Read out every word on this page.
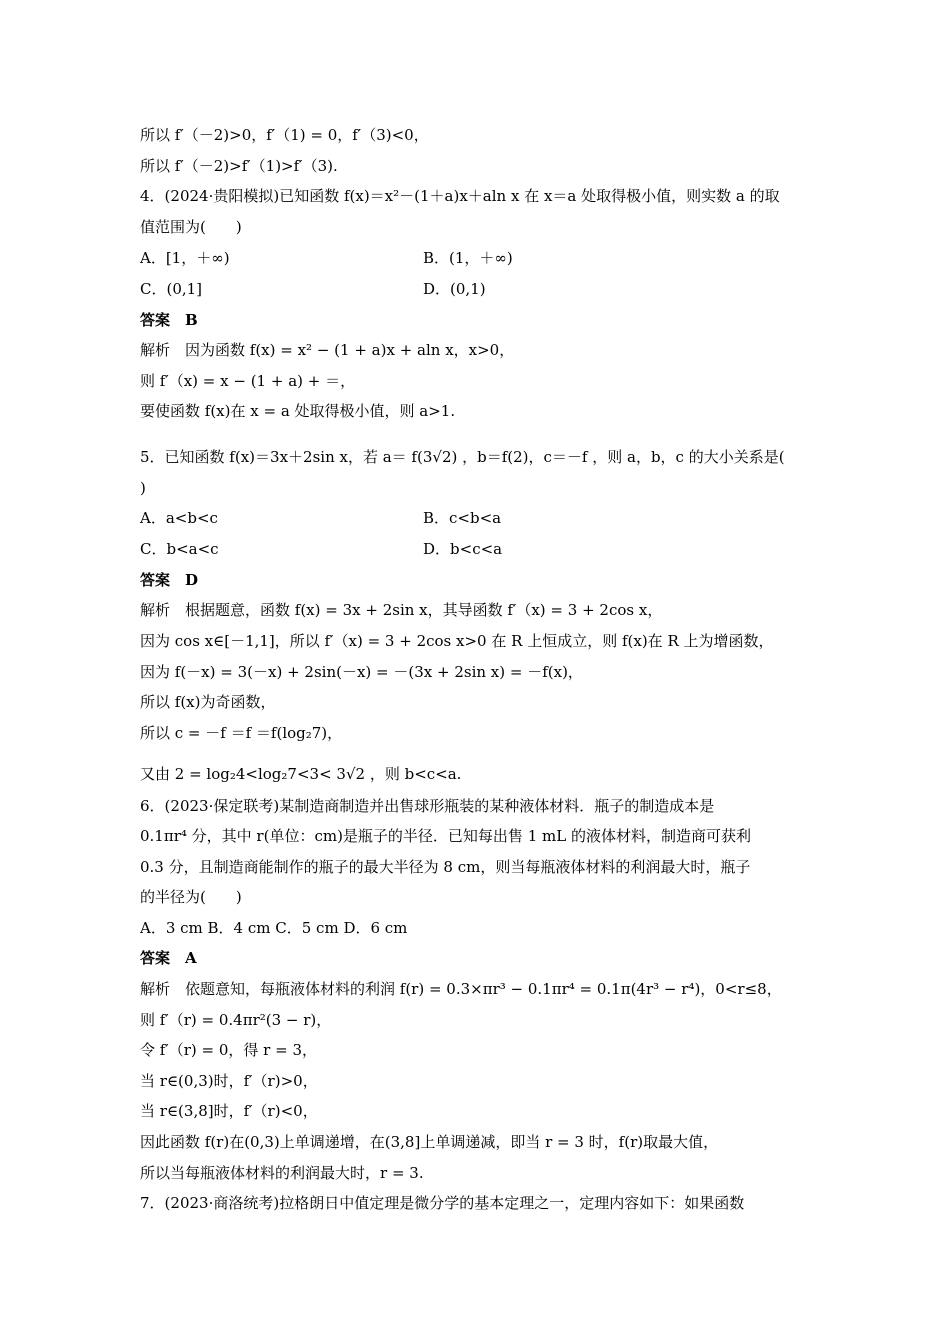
所以 f′（－2)>0，f′（1) = 0，f′（3)<0，
所以 f′（－2)>f′（1)>f′（3).
4．(2024·贵阳模拟)已知函数 f(x)＝x²－(1＋a)x＋aln x 在 x＝a 处取得极小值，则实数 a 的取
值范围为(　　)
A．[1，＋∞)	B．(1，＋∞)
C．(0,1]	D．(0,1)
答案　B
解析　因为函数 f(x) = x² − (1 + a)x + aln x，x>0，
则 f′（x) = x − (1 + a) + ＝，
要使函数 f(x)在 x = a 处取得极小值，则 a>1.
5．已知函数 f(x)＝3x＋2sin x，若 a＝ f(3√2) ，b＝f(2)，c＝－f ，则 a，b，c 的大小关系是(
)
A．a<b<c	B．c<b<a
C．b<a<c	D．b<c<a
答案　D
解析　根据题意，函数 f(x) = 3x + 2sin x，其导函数 f′（x) = 3 + 2cos x，
因为 cos x∈[－1,1]，所以 f′（x) = 3 + 2cos x>0 在 R 上恒成立，则 f(x)在 R 上为增函数，
因为 f(－x) = 3(－x) + 2sin(－x) = －(3x + 2sin x) = －f(x)，
所以 f(x)为奇函数，
所以 c = －f ＝f ＝f(log₂7)，
又由 2 = log₂4<log₂7<3< 3√2 ，则 b<c<a.
6．(2023·保定联考)某制造商制造并出售球形瓶装的某种液体材料．瓶子的制造成本是
0.1πr⁴ 分，其中 r(单位：cm)是瓶子的半径．已知每出售 1 mL 的液体材料，制造商可获利
0.3 分，且制造商能制作的瓶子的最大半径为 8 cm，则当每瓶液体材料的利润最大时，瓶子
的半径为(　　)
A．3 cm B．4 cm C．5 cm D．6 cm
答案　A
解析　依题意知，每瓶液体材料的利润 f(r) = 0.3×πr³ − 0.1πr⁴ = 0.1π(4r³ − r⁴)，0<r≤8，
则 f′（r) = 0.4πr²(3 − r)，
令 f′（r) = 0，得 r = 3，
当 r∈(0,3)时，f′（r)>0，
当 r∈(3,8]时，f′（r)<0，
因此函数 f(r)在(0,3)上单调递增，在(3,8]上单调递减，即当 r = 3 时，f(r)取最大值，
所以当每瓶液体材料的利润最大时，r = 3.
7．(2023·商洛统考)拉格朗日中值定理是微分学的基本定理之一，定理内容如下：如果函数
